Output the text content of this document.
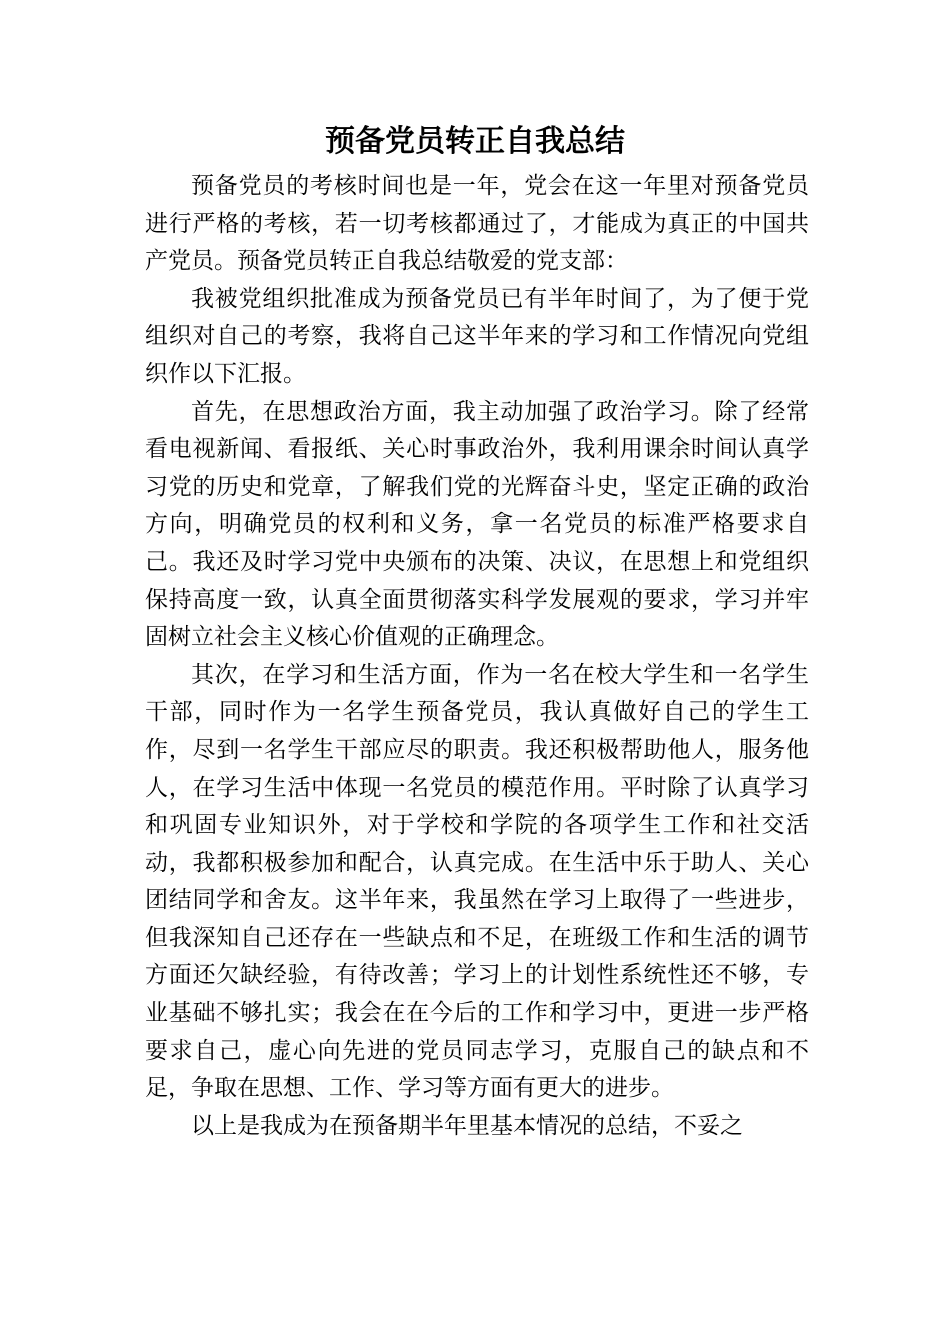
预备党员转正自我总结

预备党员的考核时间也是一年，党会在这一年里对预备党员进行严格的考核，若一切考核都通过了，才能成为真正的中国共产党员。预备党员转正自我总结敬爱的党支部：

我被党组织批准成为预备党员已有半年时间了，为了便于党组织对自己的考察，我将自己这半年来的学习和工作情况向党组织作以下汇报。

首先，在思想政治方面，我主动加强了政治学习。除了经常看电视新闻、看报纸、关心时事政治外，我利用课余时间认真学习党的历史和党章，了解我们党的光辉奋斗史，坚定正确的政治方向，明确党员的权利和义务，拿一名党员的标准严格要求自己。我还及时学习党中央颁布的决策、决议，在思想上和党组织保持高度一致，认真全面贯彻落实科学发展观的要求，学习并牢固树立社会主义核心价值观的正确理念。

其次，在学习和生活方面，作为一名在校大学生和一名学生干部，同时作为一名学生预备党员，我认真做好自己的学生工作，尽到一名学生干部应尽的职责。我还积极帮助他人，服务他人，在学习生活中体现一名党员的模范作用。平时除了认真学习和巩固专业知识外，对于学校和学院的各项学生工作和社交活动，我都积极参加和配合，认真完成。在生活中乐于助人、关心团结同学和舍友。这半年来，我虽然在学习上取得了一些进步，但我深知自己还存在一些缺点和不足，在班级工作和生活的调节方面还欠缺经验，有待改善；学习上的计划性系统性还不够，专业基础不够扎实；我会在在今后的工作和学习中，更进一步严格要求自己，虚心向先进的党员同志学习，克服自己的缺点和不足，争取在思想、工作、学习等方面有更大的进步。

以上是我成为在预备期半年里基本情况的总结，不妥之
